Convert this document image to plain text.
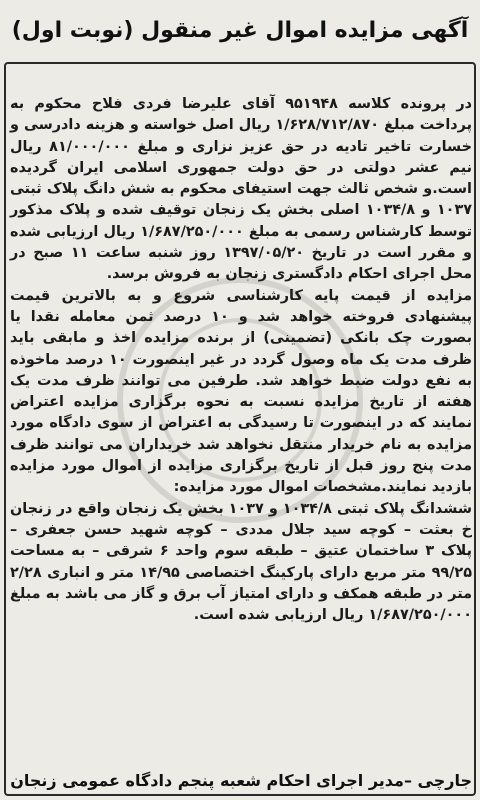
آگهی مزایده اموال غیر منقول (نوبت اول)

در پرونده کلاسه ۹۵۱۹۴۸ آقای علیرضا فردی فلاح محکوم به پرداخت مبلغ ۱/۶۲۸/۷۱۲/۸۷۰ ریال اصل خواسته و هزینه دادرسی و خسارت تاخیر تادیه در حق عزیز نزاری و مبلغ ۸۱/۰۰۰/۰۰۰ ریال نیم عشر دولتی در حق دولت جمهوری اسلامی ایران گردیده است.و شخص ثالث جهت استیفای محکوم به شش دانگ پلاک ثبتی ۱۰۳۷ و ۱۰۳۴/۸ اصلی بخش یک زنجان توقیف شده و پلاک مذکور توسط کارشناس رسمی به مبلغ ۱/۶۸۷/۲۵۰/۰۰۰ ریال ارزیابی شده و مقرر است در تاریخ ۱۳۹۷/۰۵/۲۰ روز شنبه ساعت ۱۱ صبح در محل اجرای احکام دادگستری زنجان به فروش برسد.

مزایده از قیمت پایه کارشناسی شروع و به بالاترین قیمت پیشنهادی فروخته خواهد شد و ۱۰ درصد ثمن معامله نقدا یا بصورت چک بانکی (تضمینی) از برنده مزایده اخذ و مابقی باید ظرف مدت یک ماه وصول گردد در غیر اینصورت ۱۰ درصد ماخوذه به نفع دولت ضبط خواهد شد. طرفین می توانند ظرف مدت یک هفته از تاریخ مزایده نسبت به نحوه برگزاری مزایده اعتراض نمایند که در اینصورت تا رسیدگی به اعتراض از سوی دادگاه مورد مزایده به نام خریدار منتقل نخواهد شد خریداران می توانند ظرف مدت پنج روز قبل از تاریخ برگزاری مزایده از اموال مورد مزایده بازدید نمایند.مشخصات اموال مورد مزایده:

ششدانگ پلاک ثبتی ۱۰۳۴/۸ و ۱۰۳۷ بخش یک زنجان واقع در زنجان خ بعثت – کوچه سید جلال مددی – کوچه شهید حسن جعفری – پلاک ۳ ساختمان عتیق – طبقه سوم واحد ۶ شرقی – به مساحت ۹۹/۲۵ متر مربع دارای پارکینگ اختصاصی ۱۴/۹۵ متر و انباری ۲/۲۸ متر در طبقه همکف و دارای امتیاز آب برق و گاز می باشد به مبلغ ۱/۶۸۷/۲۵۰/۰۰۰ ریال ارزیابی شده است.

جارچی –مدیر اجرای احکام شعبه پنجم دادگاه عمومی زنجان
